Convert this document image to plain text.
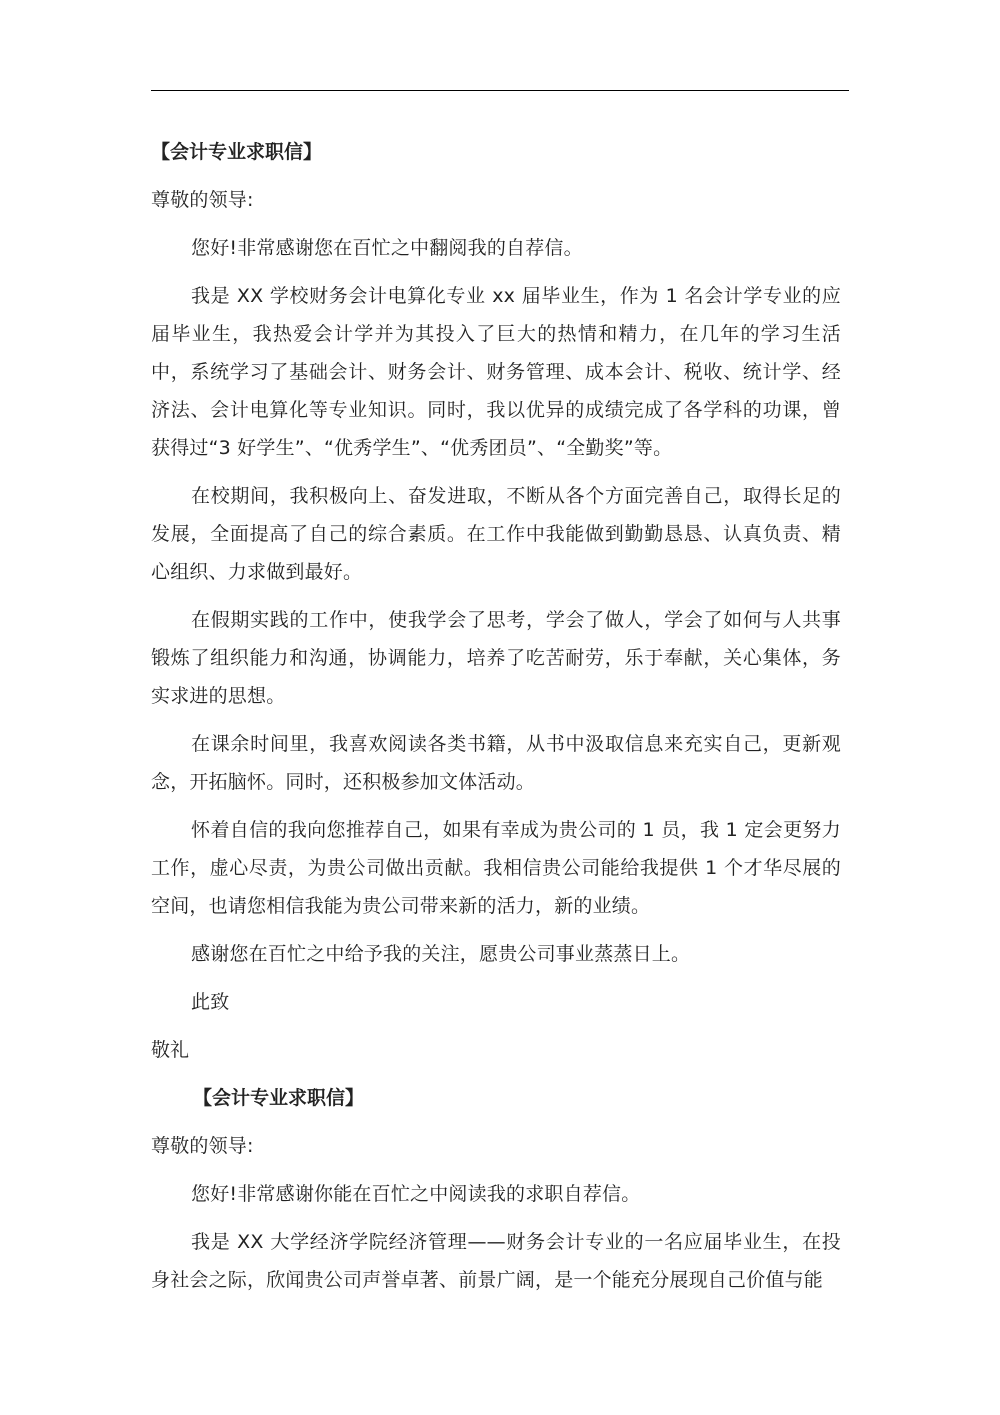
【会计专业求职信】
尊敬的领导:
您好!非常感谢您在百忙之中翻阅我的自荐信。
我是 XX 学校财务会计电算化专业 xx 届毕业生，作为 1 名会计学专业的应届毕业生，我热爱会计学并为其投入了巨大的热情和精力，在几年的学习生活中，系统学习了基础会计、财务会计、财务管理、成本会计、税收、统计学、经济法、会计电算化等专业知识。同时，我以优异的成绩完成了各学科的功课，曾获得过“3 好学生”、“优秀学生”、“优秀团员”、“全勤奖”等。
在校期间，我积极向上、奋发进取，不断从各个方面完善自己，取得长足的发展，全面提高了自己的综合素质。在工作中我能做到勤勤恳恳、认真负责、精心组织、力求做到最好。
在假期实践的工作中，使我学会了思考，学会了做人，学会了如何与人共事锻炼了组织能力和沟通，协调能力，培养了吃苦耐劳，乐于奉献，关心集体，务实求进的思想。
在课余时间里，我喜欢阅读各类书籍，从书中汲取信息来充实自己，更新观念，开拓脑怀。同时，还积极参加文体活动。
怀着自信的我向您推荐自己，如果有幸成为贵公司的 1 员，我 1 定会更努力工作，虚心尽责，为贵公司做出贡献。我相信贵公司能给我提供 1 个才华尽展的空间，也请您相信我能为贵公司带来新的活力，新的业绩。
感谢您在百忙之中给予我的关注，愿贵公司事业蒸蒸日上。
此致
敬礼
【会计专业求职信】
尊敬的领导:
您好!非常感谢你能在百忙之中阅读我的求职自荐信。
我是 XX 大学经济学院经济管理——财务会计专业的一名应届毕业生，在投身社会之际，欣闻贵公司声誉卓著、前景广阔，是一个能充分展现自己价值与能
